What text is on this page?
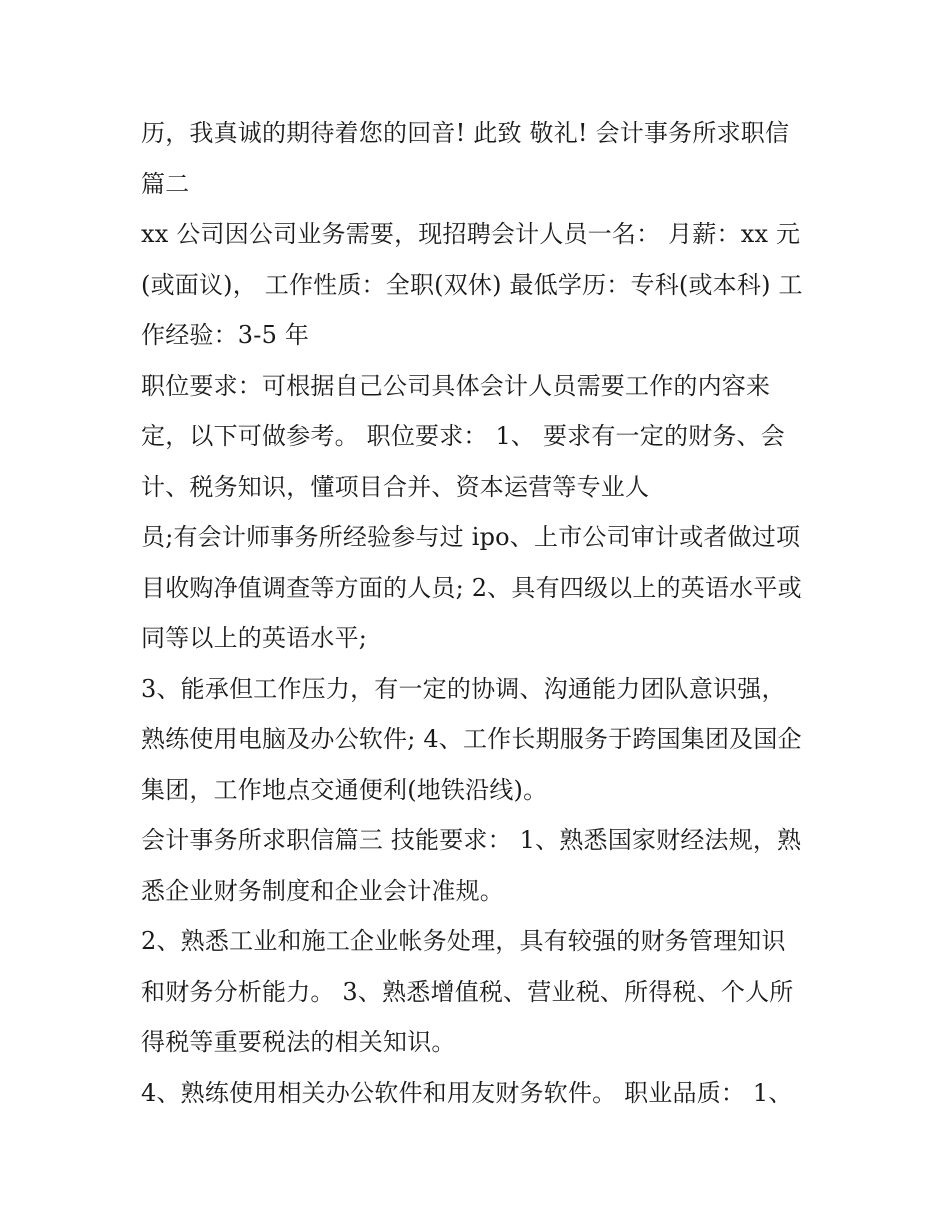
历，我真诚的期待着您的回音! 此致 敬礼! 会计事务所求职信
篇二
xx 公司因公司业务需要，现招聘会计人员一名： 月薪：xx 元
(或面议)， 工作性质：全职(双休) 最低学历：专科(或本科) 工
作经验：3-5 年
职位要求：可根据自己公司具体会计人员需要工作的内容来
定，以下可做参考。 职位要求： 1、 要求有一定的财务、会
计、税务知识，懂项目合并、资本运营等专业人
员;有会计师事务所经验参与过 ipo、上市公司审计或者做过项
目收购净值调查等方面的人员; 2、具有四级以上的英语水平或
同等以上的英语水平;
3、能承但工作压力，有一定的协调、沟通能力团队意识强，
熟练使用电脑及办公软件; 4、工作长期服务于跨国集团及国企
集团，工作地点交通便利(地铁沿线)。
会计事务所求职信篇三 技能要求： 1、熟悉国家财经法规，熟
悉企业财务制度和企业会计准规。
2、熟悉工业和施工企业帐务处理，具有较强的财务管理知识
和财务分析能力。 3、熟悉增值税、营业税、所得税、个人所
得税等重要税法的相关知识。
4、熟练使用相关办公软件和用友财务软件。 职业品质： 1、
